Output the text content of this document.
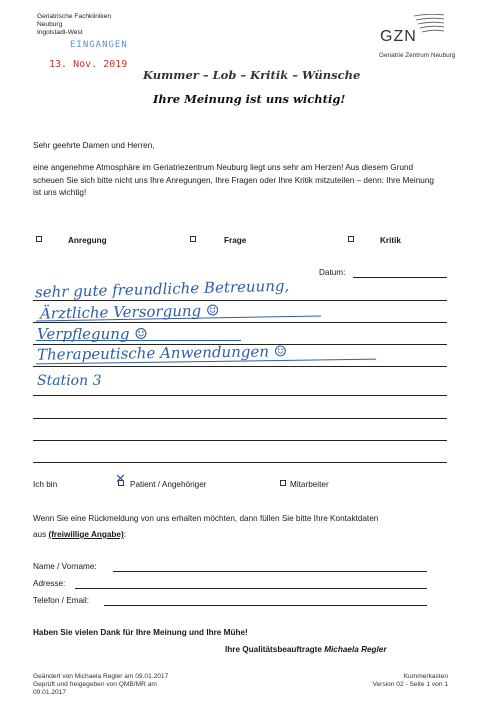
Geriatrische Fachkliniken
Neuburg
Ingolstadt-West
EINGANGEN
13. Nov. 2019
GZN
Geriatrie Zentrum Neuburg
Kummer – Lob – Kritik – Wünsche
Ihre Meinung ist uns wichtig!
Sehr geehrte Damen und Herren,
eine angenehme Atmosphäre im Geriatriezentrum Neuburg liegt uns sehr am Herzen! Aus diesem Grund scheuen Sie sich bitte nicht uns Ihre Anregungen, Ihre Fragen oder Ihre Kritik mitzuteilen – denn: Ihre Meinung ist uns wichtig!
Anregung	Frage	Kritik
Datum:
sehr gute freundliche Betreuung,
Ärztliche Versorgung ☺
Verpflegung ☺
Therapeutische Anwendungen ☺
Station 3
Ich bin	✕ Patient / Angehöriger	Mitarbeiter
Wenn Sie eine Rückmeldung von uns erhalten möchten, dann füllen Sie bitte Ihre Kontaktdaten
aus (freiwillige Angabe):
Name / Vorname:
Adresse:
Telefon / Email:
Haben Sie vielen Dank für Ihre Meinung und Ihre Mühe!
Ihre Qualitätsbeauftragte Michaela Regler
Geändert von Michaela Regler am 09.01.2017
Geprüft und freigegeben von QMB/MR am
09.01.2017
Kummerkasten
Version 02 - Seite 1 von 1
